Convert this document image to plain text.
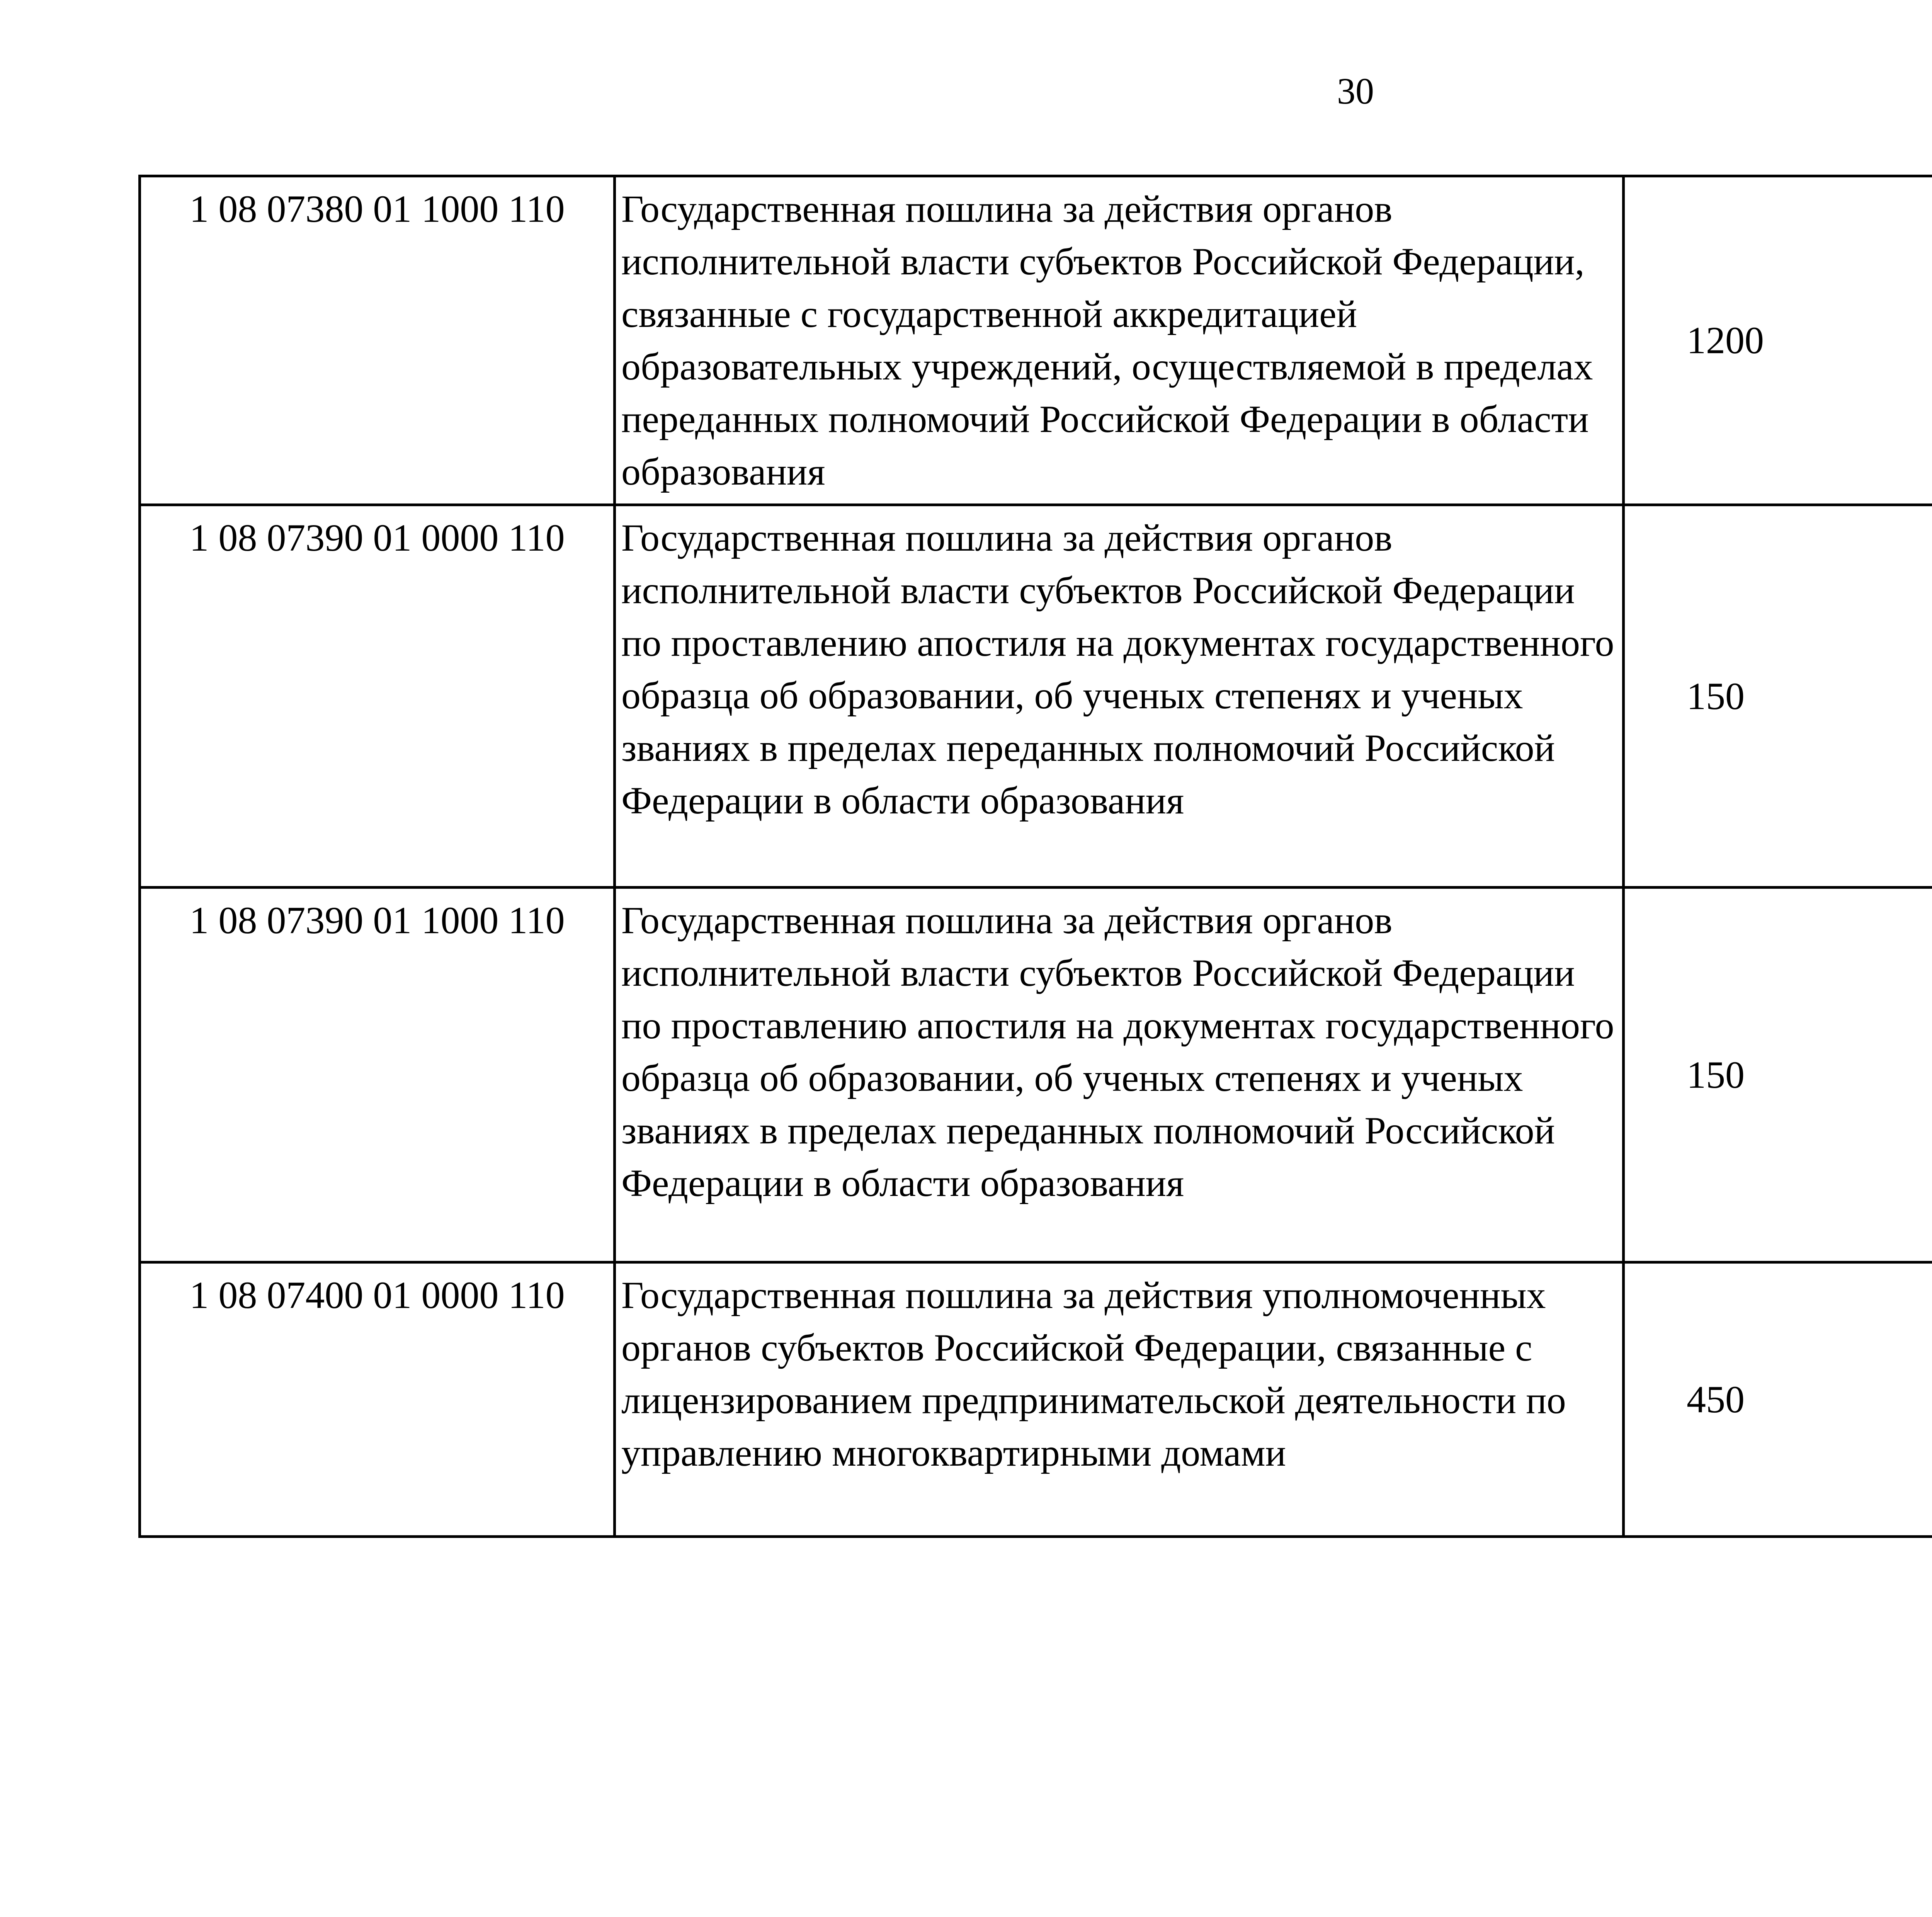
30
1 08 07380 01 1000 110	Государственная пошлина за действия органов исполнительной власти субъектов Российской Федерации, связанные с государственной аккредитацией образовательных учреждений, осуществляемой в пределах переданных полномочий Российской Федерации в области образования	1200		
1 08 07390 01 0000 110	Государственная пошлина за действия органов исполнительной власти субъектов Российской Федерации по проставлению апостиля на документах государственного образца об образовании, об ученых степенях и ученых званиях в пределах переданных полномочий Российской Федерации в области образования	150		
1 08 07390 01 1000 110	Государственная пошлина за действия органов исполнительной власти субъектов Российской Федерации по проставлению апостиля на документах государственного образца об образовании, об ученых степенях и ученых званиях в пределах переданных полномочий Российской Федерации в области образования	150		
1 08 07400 01 0000 110	Государственная пошлина за действия уполномоченных органов субъектов Российской Федерации, связанные с лицензированием предпринимательской деятельности по управлению многоквартирными домами	450		
